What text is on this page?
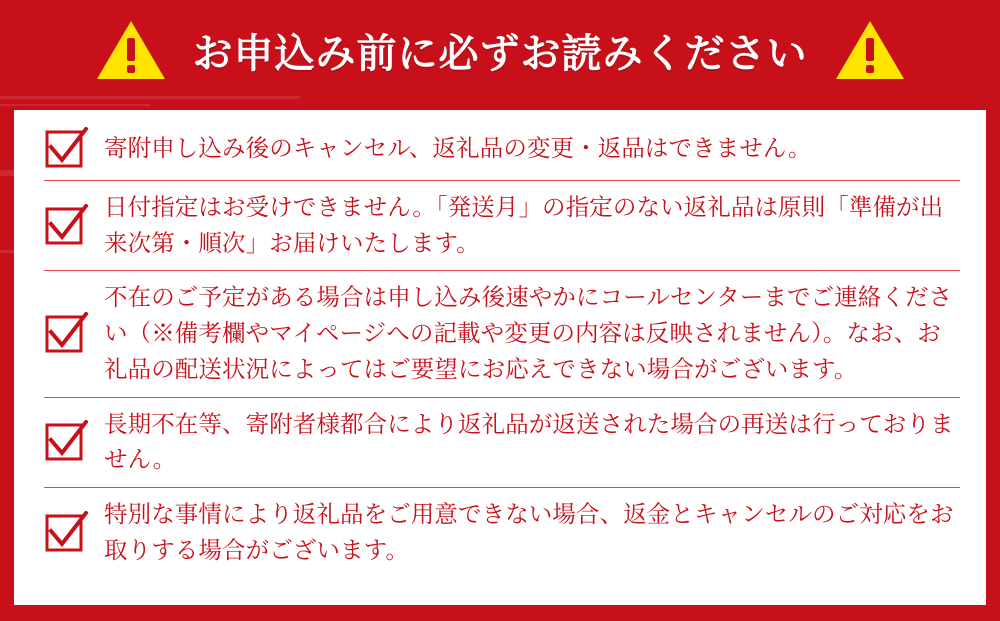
お申込み前に必ずお読みください
寄附申し込み後のキャンセル、返礼品の変更・返品はできません。
日付指定はお受けできません。「発送月」の指定のない返礼品は原則「準備が出来次第・順次」お届けいたします。
不在のご予定がある場合は申し込み後速やかにコールセンターまでご連絡ください（※備考欄やマイページへの記載や変更の内容は反映されません）。なお、お礼品の配送状況によってはご要望にお応えできない場合がございます。
長期不在等、寄附者様都合により返礼品が返送された場合の再送は行っておりません。
特別な事情により返礼品をご用意できない場合、返金とキャンセルのご対応をお取りする場合がございます。
